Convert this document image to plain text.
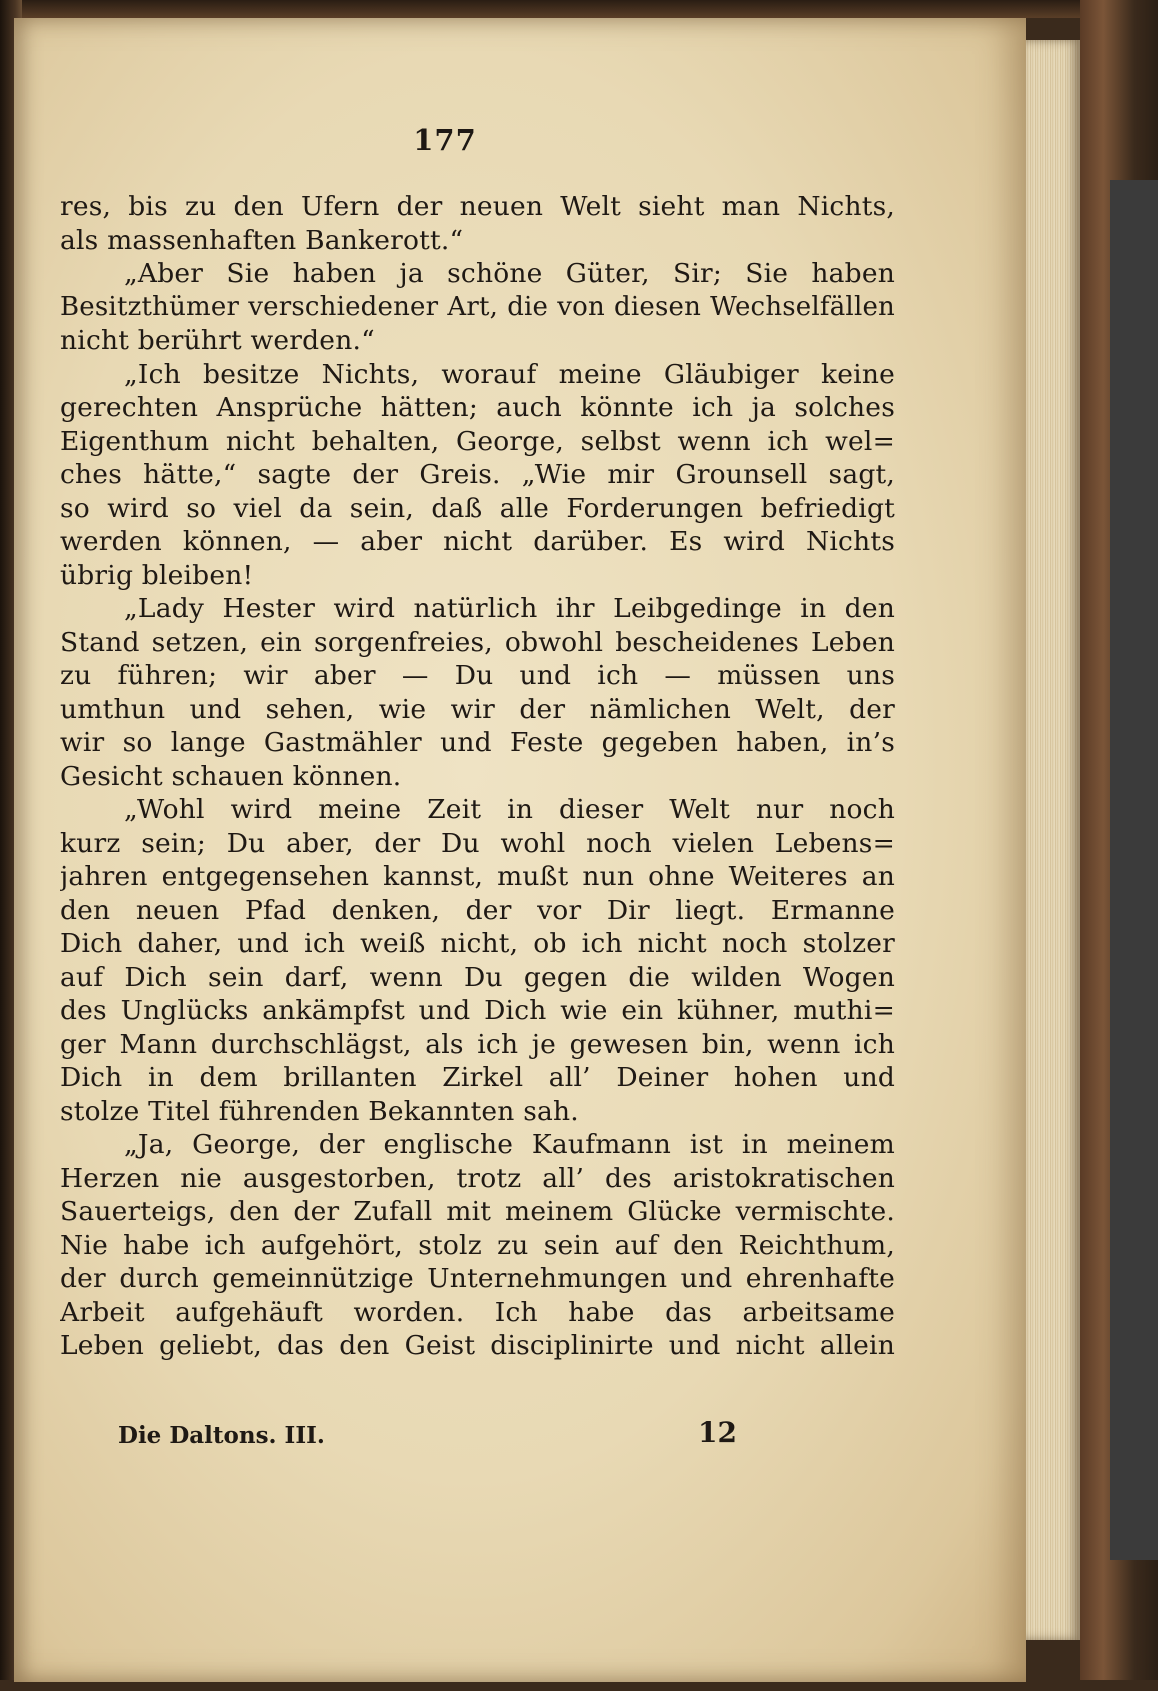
177
res, bis zu den Ufern der neuen Welt sieht man Nichts,
als massenhaften Bankerott.“
„Aber Sie haben ja schöne Güter, Sir; Sie haben
Besitzthümer verschiedener Art, die von diesen Wechselfällen
nicht berührt werden.“
„Ich besitze Nichts, worauf meine Gläubiger keine
gerechten Ansprüche hätten; auch könnte ich ja solches
Eigenthum nicht behalten, George, selbst wenn ich wel=
ches hätte,“ sagte der Greis. „Wie mir Grounsell sagt,
so wird so viel da sein, daß alle Forderungen befriedigt
werden können, — aber nicht darüber. Es wird Nichts
übrig bleiben!
„Lady Hester wird natürlich ihr Leibgedinge in den
Stand setzen, ein sorgenfreies, obwohl bescheidenes Leben
zu führen; wir aber — Du und ich — müssen uns
umthun und sehen, wie wir der nämlichen Welt, der
wir so lange Gastmähler und Feste gegeben haben, in’s
Gesicht schauen können.
„Wohl wird meine Zeit in dieser Welt nur noch
kurz sein; Du aber, der Du wohl noch vielen Lebens=
jahren entgegensehen kannst, mußt nun ohne Weiteres an
den neuen Pfad denken, der vor Dir liegt. Ermanne
Dich daher, und ich weiß nicht, ob ich nicht noch stolzer
auf Dich sein darf, wenn Du gegen die wilden Wogen
des Unglücks ankämpfst und Dich wie ein kühner, muthi=
ger Mann durchschlägst, als ich je gewesen bin, wenn ich
Dich in dem brillanten Zirkel all’ Deiner hohen und
stolze Titel führenden Bekannten sah.
„Ja, George, der englische Kaufmann ist in meinem
Herzen nie ausgestorben, trotz all’ des aristokratischen
Sauerteigs, den der Zufall mit meinem Glücke vermischte.
Nie habe ich aufgehört, stolz zu sein auf den Reichthum,
der durch gemeinnützige Unternehmungen und ehrenhafte
Arbeit aufgehäuft worden. Ich habe das arbeitsame
Leben geliebt, das den Geist disciplinirte und nicht allein
Die Daltons. III.	12
